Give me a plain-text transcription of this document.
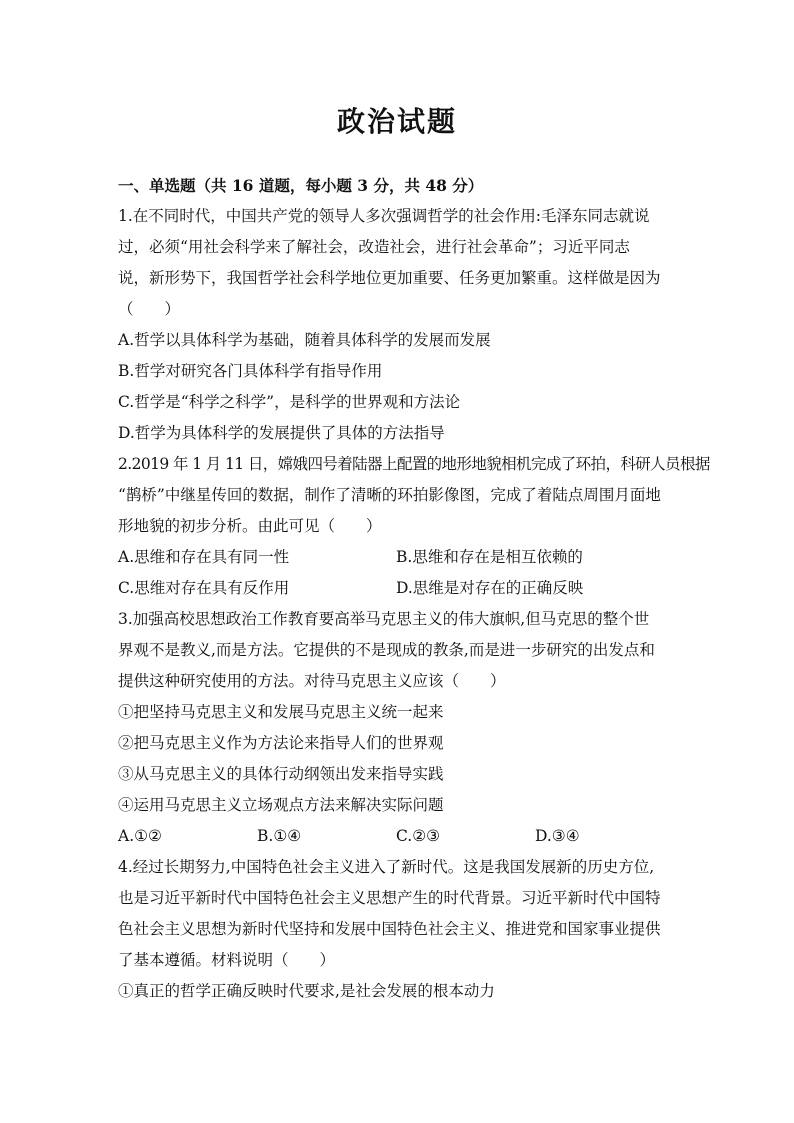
政治试题
一、单选题（共 16 道题，每小题 3 分，共 48 分）
1.在不同时代，中国共产党的领导人多次强调哲学的社会作用:毛泽东同志就说
过，必须“用社会科学来了解社会，改造社会，进行社会革命”；习近平同志
说，新形势下，我国哲学社会科学地位更加重要、任务更加繁重。这样做是因为
（　　）
A.哲学以具体科学为基础，随着具体科学的发展而发展
B.哲学对研究各门具体科学有指导作用
C.哲学是“科学之科学”，是科学的世界观和方法论
D.哲学为具体科学的发展提供了具体的方法指导
2.2019 年 1 月 11 日，嫦娥四号着陆器上配置的地形地貌相机完成了环拍，科研人员根据
“鹊桥”中继星传回的数据，制作了清晰的环拍影像图，完成了着陆点周围月面地
形地貌的初步分析。由此可见（　　）
A.思维和存在具有同一性	B.思维和存在是相互依赖的
C.思维对存在具有反作用	D.思维是对存在的正确反映
3.加强高校思想政治工作教育要高举马克思主义的伟大旗帜,但马克思的整个世
界观不是教义,而是方法。它提供的不是现成的教条,而是进一步研究的出发点和
提供这种研究使用的方法。对待马克思主义应该（　　）
①把坚持马克思主义和发展马克思主义统一起来
②把马克思主义作为方法论来指导人们的世界观
③从马克思主义的具体行动纲领出发来指导实践
④运用马克思主义立场观点方法来解决实际问题
A.①②	B.①④	C.②③	D.③④
4.经过长期努力,中国特色社会主义进入了新时代。这是我国发展新的历史方位,
也是习近平新时代中国特色社会主义思想产生的时代背景。习近平新时代中国特
色社会主义思想为新时代坚持和发展中国特色社会主义、推进党和国家事业提供
了基本遵循。材料说明（　　）
①真正的哲学正确反映时代要求,是社会发展的根本动力
